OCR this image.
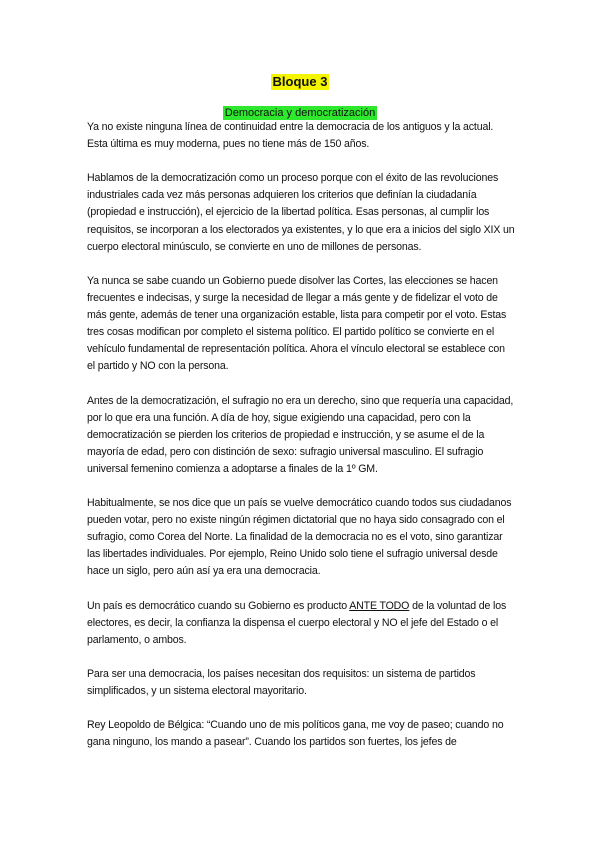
Bloque 3
Democracia y democratización

Ya no existe ninguna línea de continuidad entre la democracia de los antiguos y la actual. Esta última es muy moderna, pues no tiene más de 150 años.

Hablamos de la democratización como un proceso porque con el éxito de las revoluciones industriales cada vez más personas adquieren los criterios que definían la ciudadanía (propiedad e instrucción), el ejercicio de la libertad política. Esas personas, al cumplir los requisitos, se incorporan a los electorados ya existentes, y lo que era a inicios del siglo XIX un cuerpo electoral minúsculo, se convierte en uno de millones de personas.

Ya nunca se sabe cuando un Gobierno puede disolver las Cortes, las elecciones se hacen frecuentes e indecisas, y surge la necesidad de llegar a más gente y de fidelizar el voto de más gente, además de tener una organización estable, lista para competir por el voto. Estas tres cosas modifican por completo el sistema político. El partido político se convierte en el vehículo fundamental de representación política. Ahora el vínculo electoral se establece con el partido y NO con la persona.

Antes de la democratización, el sufragio no era un derecho, sino que requería una capacidad, por lo que era una función. A día de hoy, sigue exigiendo una capacidad, pero con la democratización se pierden los criterios de propiedad e instrucción, y se asume el de la mayoría de edad, pero con distinción de sexo: sufragio universal masculino. El sufragio universal femenino comienza a adoptarse a finales de la 1º GM.

Habitualmente, se nos dice que un país se vuelve democrático cuando todos sus ciudadanos pueden votar, pero no existe ningún régimen dictatorial que no haya sido consagrado con el sufragio, como Corea del Norte. La finalidad de la democracia no es el voto, sino garantizar las libertades individuales. Por ejemplo, Reino Unido solo tiene el sufragio universal desde hace un siglo, pero aún así ya era una democracia.

Un país es democrático cuando su Gobierno es producto ANTE TODO de la voluntad de los electores, es decir, la confianza la dispensa el cuerpo electoral y NO el jefe del Estado o el parlamento, o ambos.

Para ser una democracia, los países necesitan dos requisitos: un sistema de partidos simplificados, y un sistema electoral mayoritario.

Rey Leopoldo de Bélgica: “Cuando uno de mis políticos gana, me voy de paseo; cuando no gana ninguno, los mando a pasear”. Cuando los partidos son fuertes, los jefes de
